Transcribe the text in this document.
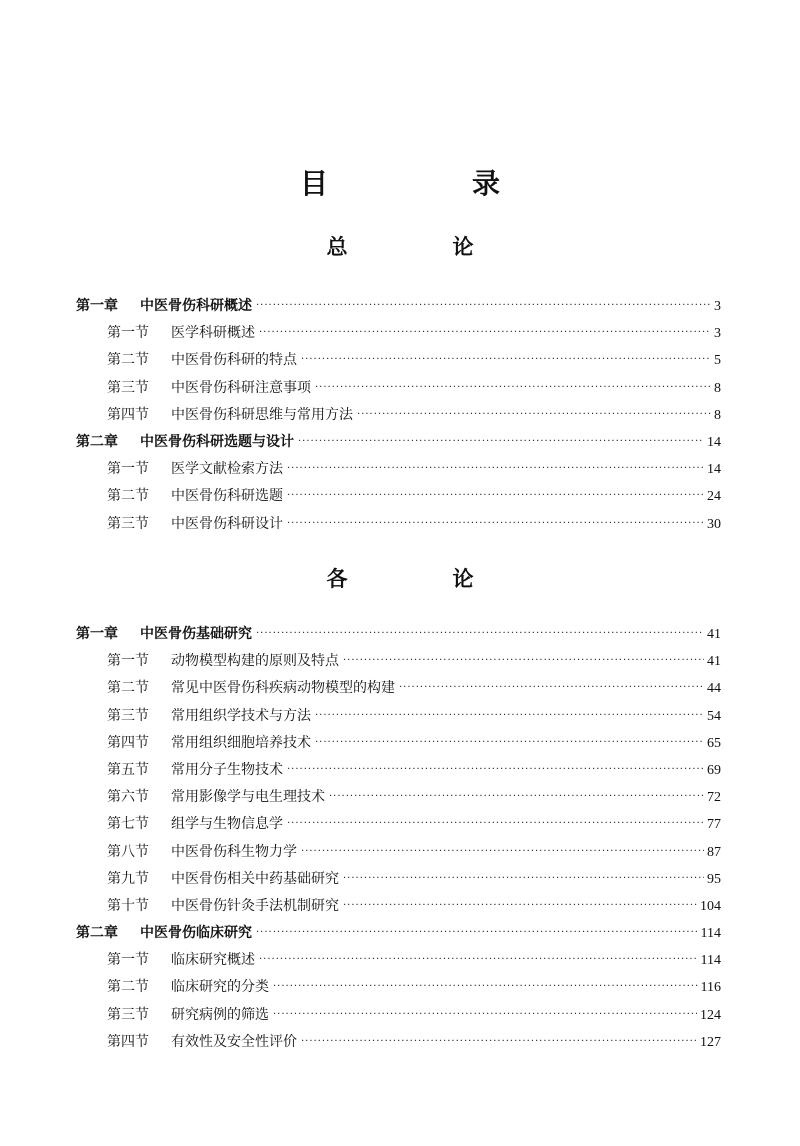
目　录
总　论
第一章	中医骨伤科研概述 ·····	3
第一节	医学科研概述 ·····	3
第二节	中医骨伤科研的特点 ·····	5
第三节	中医骨伤科研注意事项 ·····	8
第四节	中医骨伤科研思维与常用方法 ·····	8
第二章	中医骨伤科研选题与设计 ·····	14
第一节	医学文献检索方法 ·····	14
第二节	中医骨伤科研选题 ·····	24
第三节	中医骨伤科研设计 ·····	30
各　论
第一章	中医骨伤基础研究 ·····	41
第一节	动物模型构建的原则及特点 ·····	41
第二节	常见中医骨伤科疾病动物模型的构建 ·····	44
第三节	常用组织学技术与方法 ·····	54
第四节	常用组织细胞培养技术 ·····	65
第五节	常用分子生物技术 ·····	69
第六节	常用影像学与电生理技术 ·····	72
第七节	组学与生物信息学 ·····	77
第八节	中医骨伤科生物力学 ·····	87
第九节	中医骨伤相关中药基础研究 ·····	95
第十节	中医骨伤针灸手法机制研究 ·····	104
第二章	中医骨伤临床研究 ·····	114
第一节	临床研究概述 ·····	114
第二节	临床研究的分类 ·····	116
第三节	研究病例的筛选 ·····	124
第四节	有效性及安全性评价 ·····	127
